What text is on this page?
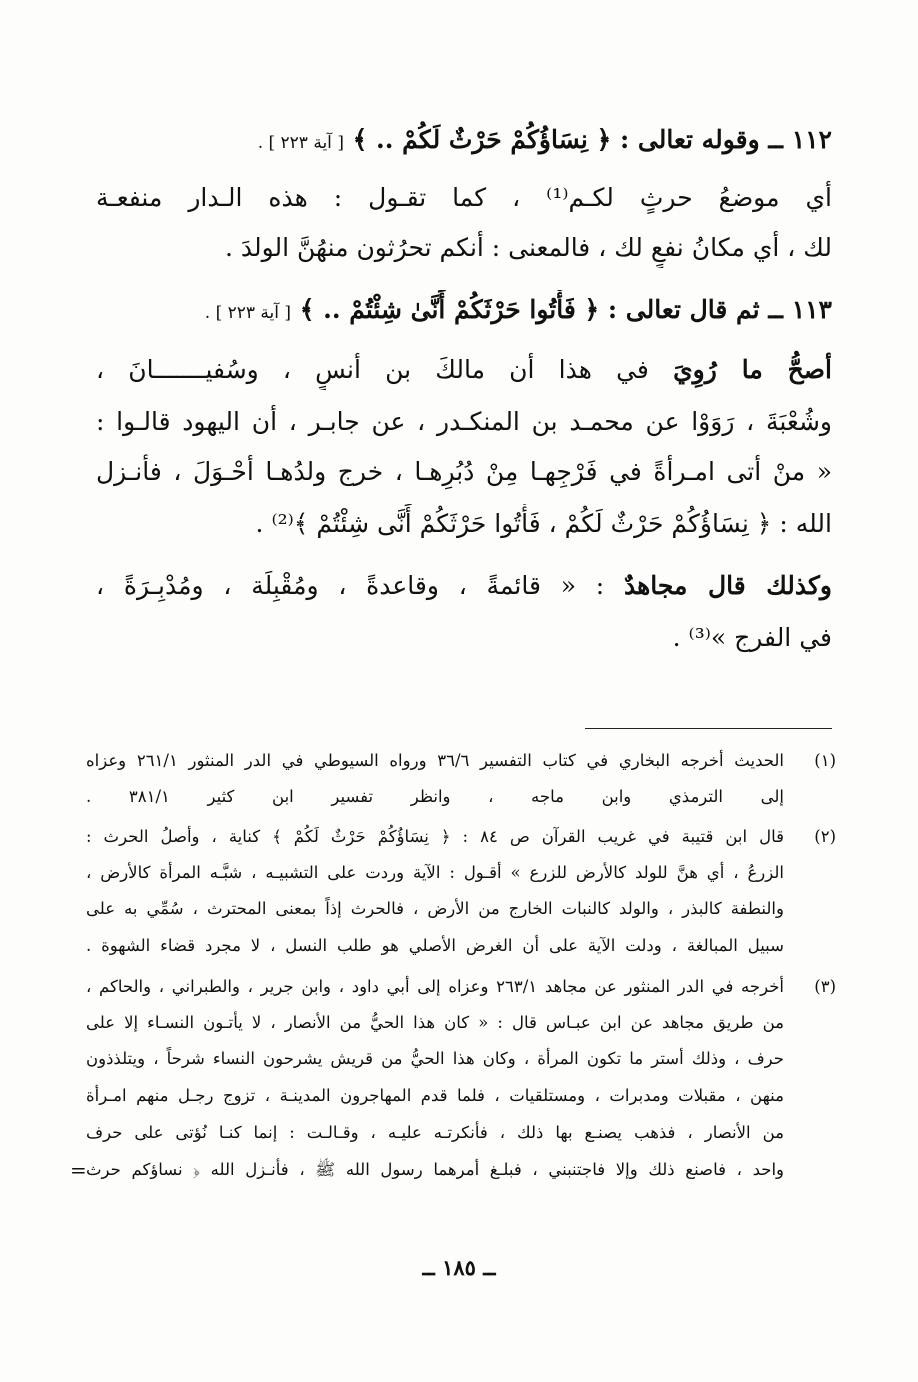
١١٢ ــ وقوله تعالى : ﴿ نِسَاؤُكُمْ حَرْثٌ لَكُمْ .. ﴾ [ آية ٢٢٣ ] .
أي موضعُ حرثٍ لكـم⁽¹⁾ ، كما تقـول : هذه الـدار منفعـة
لك ، أي مكانُ نفعٍ لك ، فالمعنى : أنكم تحرُثون منهُنَّ الولدَ .
١١٣ ــ ثم قال تعالى : ﴿ فَأْتُوا حَرْثَكُمْ أَنَّىٰ شِئْتُمْ .. ﴾ [ آية ٢٢٣ ] .
أصحُّ ما رُوِيَ في هذا أن مالكَ بن أنسٍ ، وسُفيـــــــانَ ،
وشُعْبَةَ ، رَوَوْا عن محمـد بن المنكـدر ، عن جابـر ، أن اليهود قالـوا :
« منْ أتى امـرأةً في فَرْجِهـا مِنْ دُبُرِهـا ، خرج ولدُهـا أحْـوَلَ ، فأنـزل
الله : ﴿ نِسَاؤُكُمْ حَرْثٌ لَكُمْ ، فَأْتُوا حَرْثَكُمْ أَنَّى شِئْتُمْ ﴾⁽²⁾ .
وكذلك قال مجاهدٌ : « قائمةً ، وقاعدةً ، ومُقْبِلَة ، ومُدْبِـرَةً ،
في الفرج »⁽³⁾ .
(١)
الحديث أخرجه البخاري في كتاب التفسير ٣٦/٦ ورواه السيوطي في الدر المنثور ٢٦١/١ وعزاه
إلى الترمذي وابن ماجه ، وانظر تفسير ابن كثير ٣٨١/١ .
(٢)
قال ابن قتيبة في غريب القرآن ص ٨٤ : ﴿ نِسَاؤُكُمْ حَرْثٌ لَكُمْ ﴾ كناية ، وأصلُ الحرث :
الزرعُ ، أي هنَّ للولد كالأرض للزرع » أقـول : الآية وردت على التشبيـه ، شبَّـه المرأة كالأرض ،
والنطفة كالبذر ، والولد كالنبات الخارج من الأرض ، فالحرث إذاً بمعنى المحترث ، سُمِّي به على
سبيل المبالغة ، ودلت الآية على أن الغرض الأصلي هو طلب النسل ، لا مجرد قضاء الشهوة .
(٣)
أخرجه في الدر المنثور عن مجاهد ٢٦٣/١ وعزاه إلى أبي داود ، وابن جرير ، والطبراني ، والحاكم ،
من طريق مجاهد عن ابن عبـاس قال : « كان هذا الحيُّ من الأنصار ، لا يأتـون النسـاء إلا على
حرف ، وذلك أستر ما تكون المرأة ، وكان هذا الحيُّ من قريش يشرحون النساء شرحاً ، ويتلذذون
منهن ، مقبلات ومدبرات ، ومستلقيات ، فلما قدم المهاجرون المدينـة ، تزوج رجـل منهم امـرأة
من الأنصار ، فذهب يصنـع بها ذلك ، فأنكرتـه عليـه ، وقـالـت : إنما كنـا نُؤتى على حرف
واحد ، فاصنع ذلك وإلا فاجتنبني ، فبلـغ أمرهما رسول الله ﷺ ، فأنـزل الله ﴿ نساؤكم حرث
=
ــ ١٨٥ ــ
